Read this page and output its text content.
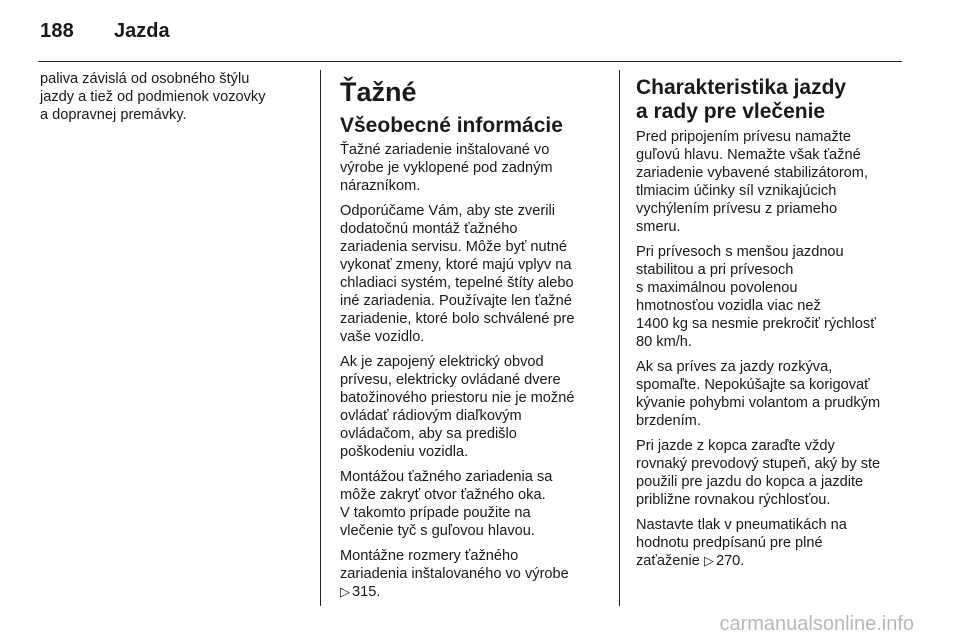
188 Jazda

paliva závislá od osobného štýlu
jazdy a tiež od podmienok vozovky
a dopravnej premávky.

Ťažné
Všeobecné informácie

Ťažné zariadenie inštalované vo
výrobe je vyklopené pod zadným
nárazníkom.

Odporúčame Vám, aby ste zverili
dodatočnú montáž ťažného
zariadenia servisu. Môže byť nutné
vykonať zmeny, ktoré majú vplyv na
chladiaci systém, tepelné štíty alebo
iné zariadenia. Používajte len ťažné
zariadenie, ktoré bolo schválené pre
vaše vozidlo.

Ak je zapojený elektrický obvod
prívesu, elektricky ovládané dvere
batožinového priestoru nie je možné
ovládať rádiovým diaľkovým
ovládačom, aby sa predišlo
poškodeniu vozidla.

Montážou ťažného zariadenia sa
môže zakryť otvor ťažného oka.
V takomto prípade použite na
vlečenie tyč s guľovou hlavou.

Montážne rozmery ťažného
zariadenia inštalovaného vo výrobe
▷ 315.

Charakteristika jazdy
a rady pre vlečenie

Pred pripojením prívesu namažte
guľovú hlavu. Nemažte však ťažné
zariadenie vybavené stabilizátorom,
tlmiacim účinky síl vznikajúcich
vychýlením prívesu z priameho
smeru.

Pri prívesoch s menšou jazdnou
stabilitou a pri prívesoch
s maximálnou povolenou
hmotnosťou vozidla viac než
1400 kg sa nesmie prekročiť rýchlosť
80 km/h.

Ak sa príves za jazdy rozkýva,
spomaľte. Nepokúšajte sa korigovať
kývanie pohybmi volantom a prudkým
brzdením.

Pri jazde z kopca zaraďte vždy
rovnaký prevodový stupeň, aký by ste
použili pre jazdu do kopca a jazdite
približne rovnakou rýchlosťou.

Nastavte tlak v pneumatikách na
hodnotu predpísanú pre plné
zaťaženie ▷ 270.

carmanualsonline.info
